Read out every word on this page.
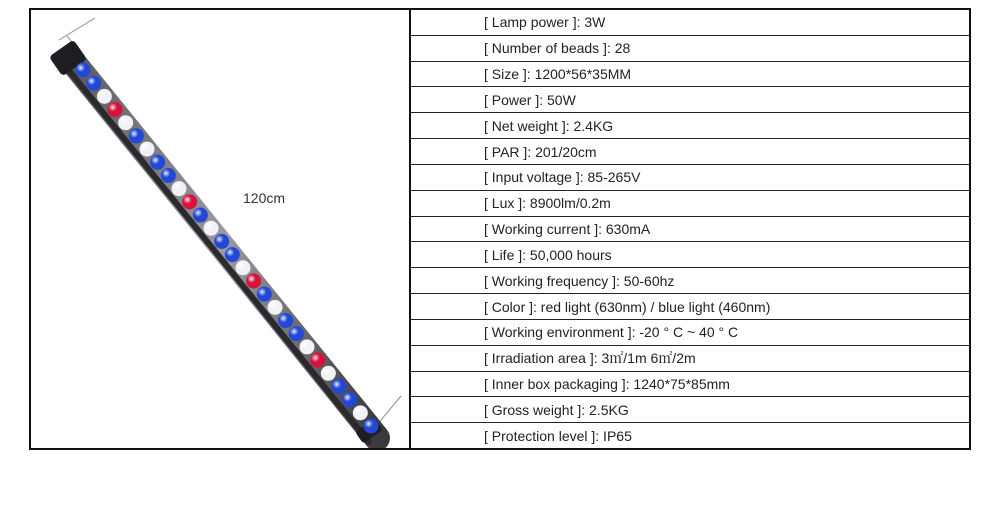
120cm
[ Lamp power ]: 3W
[ Number of beads ]: 28
[ Size ]: 1200*56*35MM
[ Power ]: 50W
[ Net weight ]: 2.4KG
[ PAR ]: 201/20cm
[ Input voltage ]: 85-265V
[ Lux ]: 8900lm/0.2m
[ Working current ]: 630mA
[ Life ]: 50,000 hours
[ Working frequency ]: 50-60hz
[ Color ]: red light (630nm) / blue light (460nm)
[ Working environment ]: -20 ° C ~ 40 ° C
[ Irradiation area ]: 3㎡/1m 6㎡/2m
[ Inner box packaging ]: 1240*75*85mm
[ Gross weight ]: 2.5KG
[ Protection level ]: IP65
